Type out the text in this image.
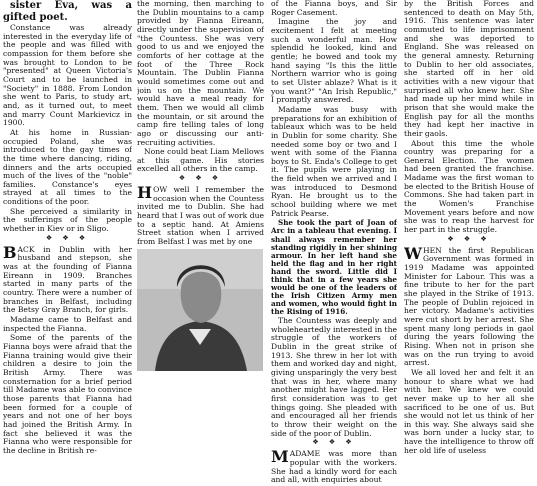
sister Eva, was a gifted poet.

Constance was already interested in the everyday life of the people and was filled with compassion for them before she was brought to London to be "presented" at Queen Victoria's Court and to be launched in "Society" in 1888. From London she went to Paris, to study art, and, as it turned out, to meet and marry Count Markievicz in 1900.

At his home in Russian-occupied Poland, she was introduced to the gay times of the time where dancing, riding, dinners and the arts occupied much of the lives of the "noble" families. Constance's eyes strayed at all times to the conditions of the poor.

She perceived a similarity in the sufferings of the people whether in Kiev or in Sligo.

❖ ❖ ❖

BACK in Dublin with her husband and stepson, she was at the founding of Fianna Eireann in 1909. Branches started in many parts of the country. There were a number of branches in Belfast, including the Betsy Gray Branch, for girls.

Madame came to Belfast and inspected the Fianna.

Some of the parents of the Fianna boys were afraid that the Fianna training would give their children a desire to join the British Army. There was consternation for a brief period till Madame was able to convince those parents that Fianna had been formed for a couple of years and not one of her boys had joined the British Army. In fact she believed it was the Fianna who were responsible for the decline in British re-

the morning, then marching to the Dublin mountains to a camp provided by Fianna Eireann, directly under the supervision of "the Countess. She was very good to us and we enjoyed the comforts of her cottage at the foot of the Three Rock Mountain. The Dublin Fianna would sometimes come out and join us on the mountain. We would have a meal ready for them. Then we would all climb the mountain, or sit around the camp fire telling tales of long ago or discussing our anti-recruiting activities.

None could beat Liam Mellows at this game. His stories excelled all others in the camp.

❖ ❖ ❖

HOW well I remember the occasion when the Countess invited me to Dublin. She had heard that I was out of work due to a septic hand. At Amiens Street station when I arrived from Belfast I was met by one

of the Fianna boys, and Sir Roger Casement.

Imagine the joy and excitement I felt at meeting such a wonderful man. How splendid he looked, kind and gentle; he bowed and took my hand saying "Is this the little Northern warrior who is going to set Ulster ablaze? What is it you want?" "An Irish Republic," I promptly answered.

Madame was busy with preparations for an exhibition of tableaux which was to be held in Dublin for some charity. She needed some boy or two and I went with some of the Fianna boys to St. Enda's College to get it. The pupils were playing in the field when we arrived and I was introduced to Desmond Ryan. He brought us to the school building where we met Patrick Pearse.

She took the part of Joan of Arc in a tableau that evening. I shall always remember her standing rigidly in her shining armour. In her left hand she held the flag and in her right hand the sword. Little did I think that in a few years she would be one of the leaders of the Irish Citizen Army men and women, who would fight in the Rising of 1916.

The Countess was deeply and wholeheartedly interested in the struggle of the workers of Dublin in the great strike of 1913. She threw in her lot with them and worked day and night, giving unsparingly the very best that was in her, where many another might have lagged. Her first consideration was to get things going. She pleaded with and encouraged all her friends to throw their weight on the side of the poor of Dublin.

❖ ❖ ❖

MADAME was more than popular with the workers. She had a kindly word for each and all, with enquiries about

by the British Forces and sentenced to death on May 5th, 1916. This sentence was later commuted to life imprisonment and she was deported to England. She was released on the general amnesty. Returning to Dublin to her old associates, she started off in her old activities with a new vigour that surprised all who knew her. She had made up her mind while in prison that she would make the English pay for all the months they had kept her inactive in their gaols.

About this time the whole country was preparing for a General Election. The women had been granted the franchise. Madame was the first woman to be elected to the British House of Commons. She had taken part in the Women's Franchise Movement years before and now she was to reap the harvest for her part in the struggle.

❖ ❖ ❖

WHEN the first Republican Government was formed in 1919 Madame was appointed Minister for Labour. This was a fine tribute to her for the part she played in the Strike of 1913. The people of Dublin rejoiced in her victory. Madame's activities were cut short by her arrest. She spent many long periods in gaol during the years following the Rising. When not in prison she was on the run trying to avoid arrest.

We all loved her and felt it an honour to share what we had with her. We knew we could never make up to her all she sacrificed to be one of us. But she would not let us think of her in this way. She always said she was born under a lucky star, to have the intelligence to throw off her old life of useless
